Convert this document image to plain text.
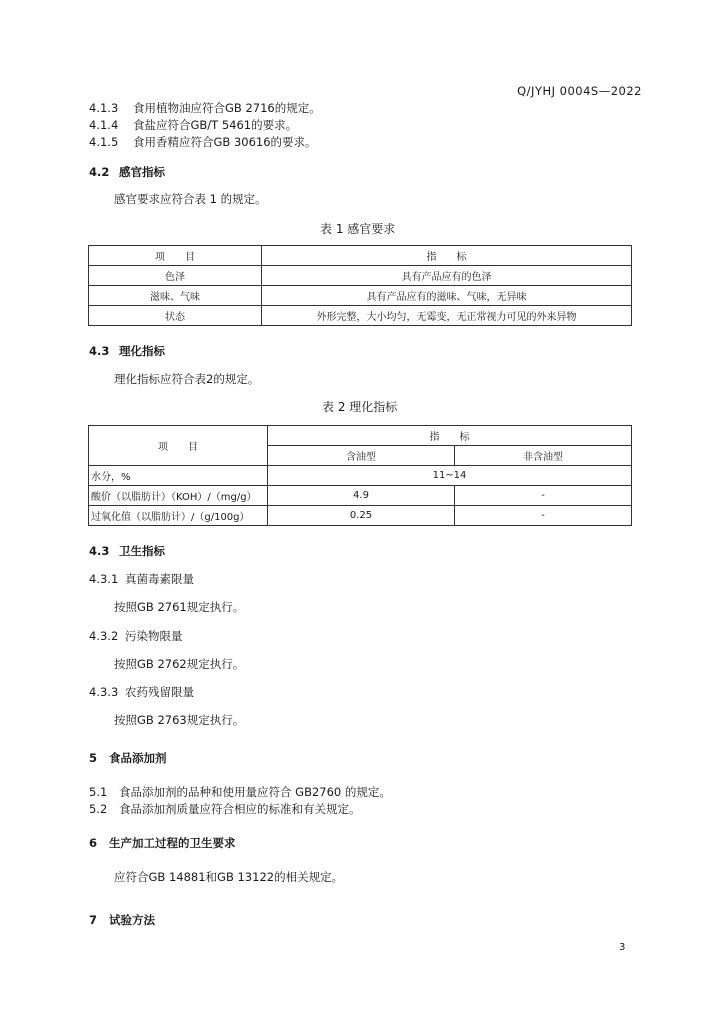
Q/JYHJ 0004S—2022
4.1.3 食用植物油应符合GB 2716的规定。
4.1.4 食盐应符合GB/T 5461的要求。
4.1.5 食用香精应符合GB 30616的要求。
4.2 感官指标
感官要求应符合表 1 的规定。
表 1 感官要求
项　　目	指　　标
色泽	具有产品应有的色泽
滋味、气味	具有产品应有的滋味、气味，无异味
状态	外形完整，大小均匀，无霉变，无正常视力可见的外来异物
4.3 理化指标
理化指标应符合表2的规定。
表 2 理化指标
项　　目	指　　标	
	含油型	非含油型
水分，%	11~14	
酸价（以脂肪计）（KOH）/（mg/g）	4.9	-
过氧化值（以脂肪计）/（g/100g）	0.25	-
4.3 卫生指标
4.3.1 真菌毒素限量
按照GB 2761规定执行。
4.3.2 污染物限量
按照GB 2762规定执行。
4.3.3 农药残留限量
按照GB 2763规定执行。
5 食品添加剂
5.1 食品添加剂的品种和使用量应符合 GB2760 的规定。
5.2 食品添加剂质量应符合相应的标准和有关规定。
6 生产加工过程的卫生要求
应符合GB 14881和GB 13122的相关规定。
7 试验方法
3
